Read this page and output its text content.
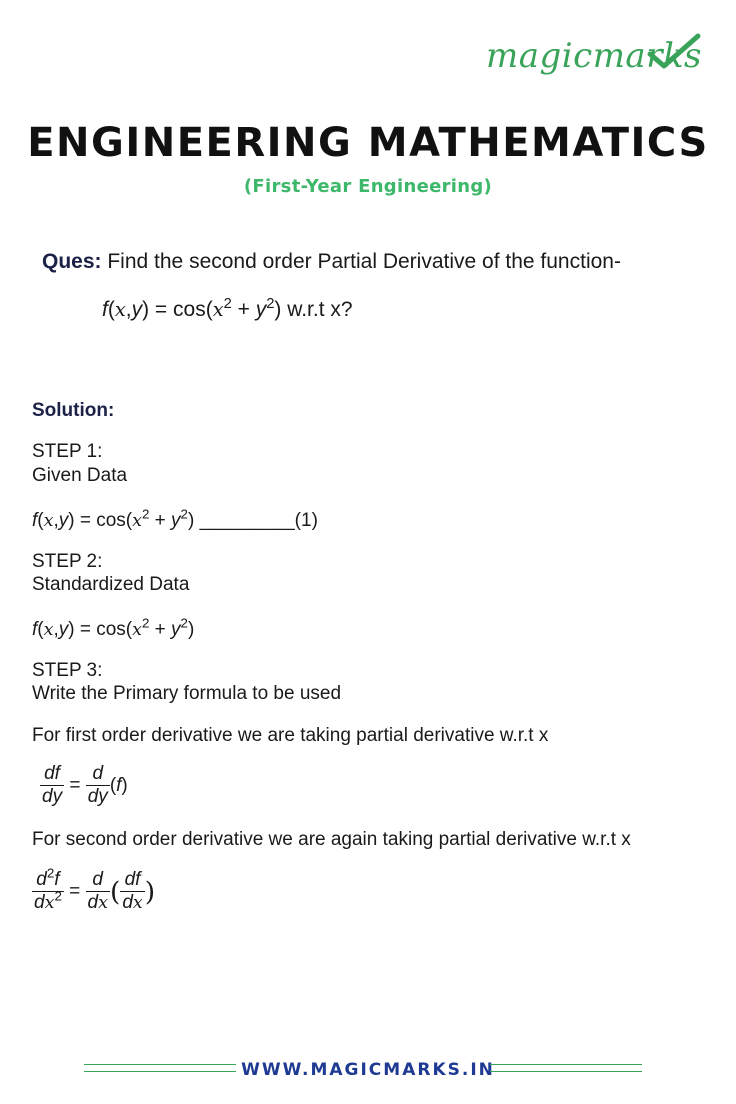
magicmarks
ENGINEERING MATHEMATICS
(First-Year Engineering)
Ques: Find the second order Partial Derivative of the function-
$f(x,y) = \cos(x^2 + y^2)$ w.r.t x?
Solution:
STEP 1:
Given Data
$f(x,y) = \cos(x^2 + y^2)$ _________(1)
STEP 2:
Standardized Data
$f(x,y) = \cos(x^2 + y^2)$
STEP 3:
Write the Primary formula to be used
For first order derivative we are taking partial derivative w.r.t x
$\frac{df}{dy} = \frac{d}{dy} (f)$
For second order derivative we are again taking partial derivative w.r.t x
$\frac{d^2f}{dx^2} = \frac{d}{dx}$ ( $\frac{df}{dx}$ )
WWW.MAGICMARKS.IN
